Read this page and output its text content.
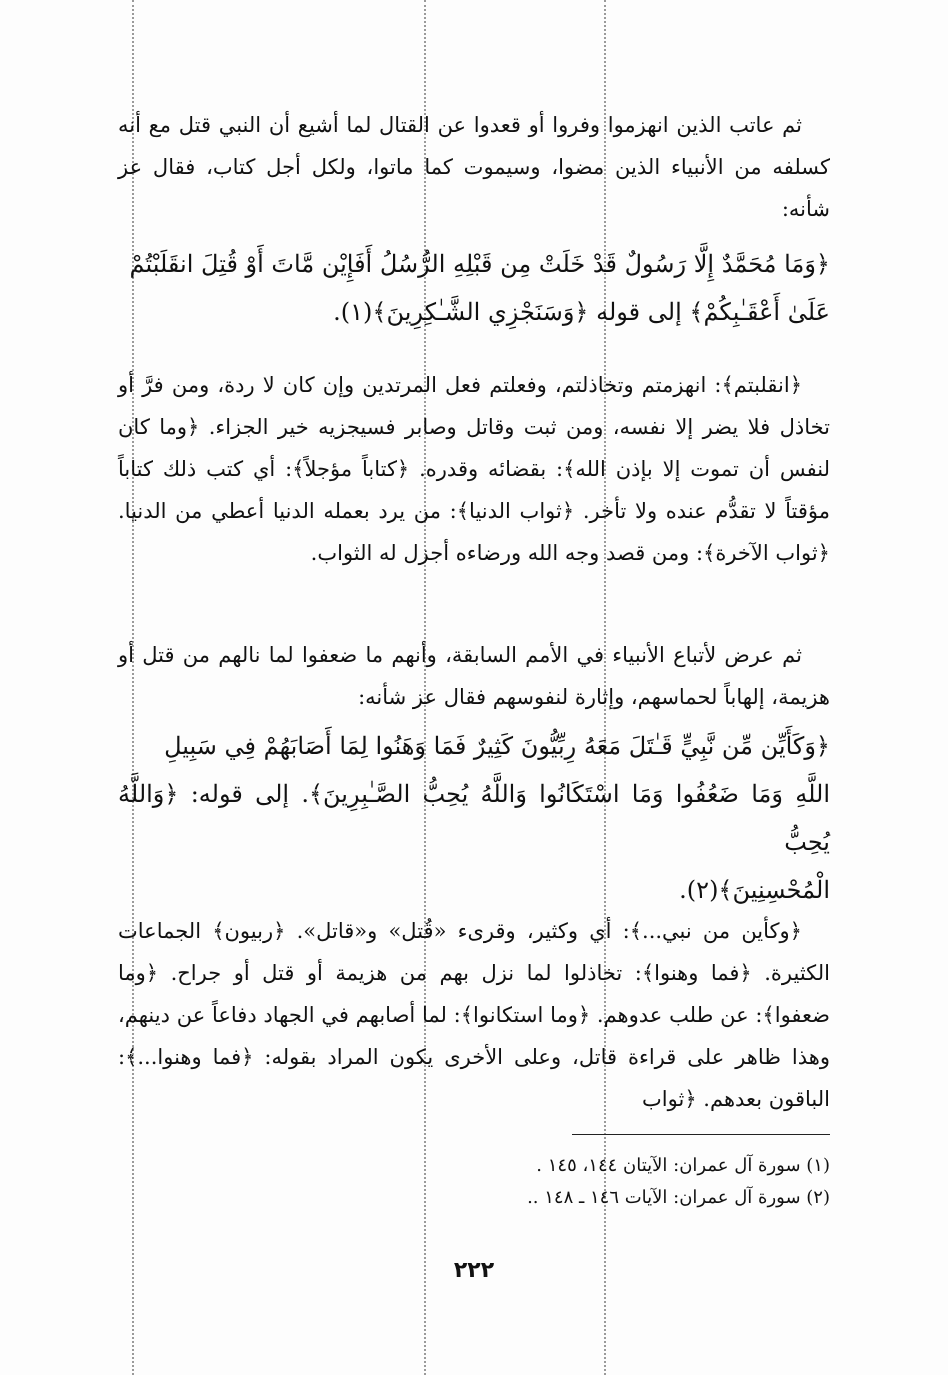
ثم عاتب الذين انهزموا وفروا أو قعدوا عن القتال لما أشيع أن النبي قتل مع أنه كسلفه من الأنبياء الذين مضوا، وسيموت كما ماتوا، ولكل أجل كتاب، فقال عز شأنه:

﴿وَمَا مُحَمَّدٌ إِلَّا رَسُولٌ قَدْ خَلَتْ مِن قَبْلِهِ الرُّسُلُ أَفَإِيْن مَّاتَ أَوْ قُتِلَ انقَلَبْتُمْ

عَلَىٰ أَعْقَـٰبِكُمْ﴾ إلى قوله ﴿وَسَنَجْزِي الشَّـٰكِرِينَ﴾(١).

﴿انقلبتم﴾: انهزمتم وتخاذلتم، وفعلتم فعل المرتدين وإن كان لا ردة، ومن فرَّ أو تخاذل فلا يضر إلا نفسه، ومن ثبت وقاتل وصابر فسيجزيه خير الجزاء. ﴿وما كان لنفس أن تموت إلا بإذن الله﴾: بقضائه وقدره. ﴿كتاباً مؤجلاً﴾: أي كتب ذلك كتاباً مؤقتاً لا تقدُّم عنده ولا تأخر. ﴿ثواب الدنيا﴾: من يرد بعمله الدنيا أعطي من الدنيا. ﴿ثواب الآخرة﴾: ومن قصد وجه الله ورضاءه أجزل له الثواب.

ثم عرض لأتباع الأنبياء في الأمم السابقة، وأنهم ما ضعفوا لما نالهم من قتل أو هزيمة، إلهاباً لحماسهم، وإثارة لنفوسهم فقال عز شأنه:

﴿وَكَأَيِّن مِّن نَّبِيٍّ قَـٰتَلَ مَعَهُ رِبِّيُّونَ كَثِيرٌ فَمَا وَهَنُوا لِمَا أَصَابَهُمْ فِي سَبِيلِ

اللَّهِ وَمَا ضَعُفُوا وَمَا اسْتَكَانُوا وَاللَّهُ يُحِبُّ الصَّـٰبِرِينَ﴾. إلى قوله: ﴿وَاللَّهُ يُحِبُّ

الْمُحْسِنِينَ﴾(٢).

﴿وكأين من نبي...﴾: أي وكثير، وقرىء «قُتل» و«قاتل». ﴿ربيون﴾ الجماعات الكثيرة. ﴿فما وهنوا﴾: تخاذلوا لما نزل بهم من هزيمة أو قتل أو جراح. ﴿وما ضعفوا﴾: عن طلب عدوهم. ﴿وما استكانوا﴾: لما أصابهم في الجهاد دفاعاً عن دينهم، وهذا ظاهر على قراءة قاتل، وعلى الأخرى يكون المراد بقوله: ﴿فما وهنوا...﴾: الباقون بعدهم. ﴿ثواب

(١) سورة آل عمران: الآيتان ١٤٤، ١٤٥ .
(٢) سورة آل عمران: الآيات ١٤٦ ـ ١٤٨ ..
٢٢٢
